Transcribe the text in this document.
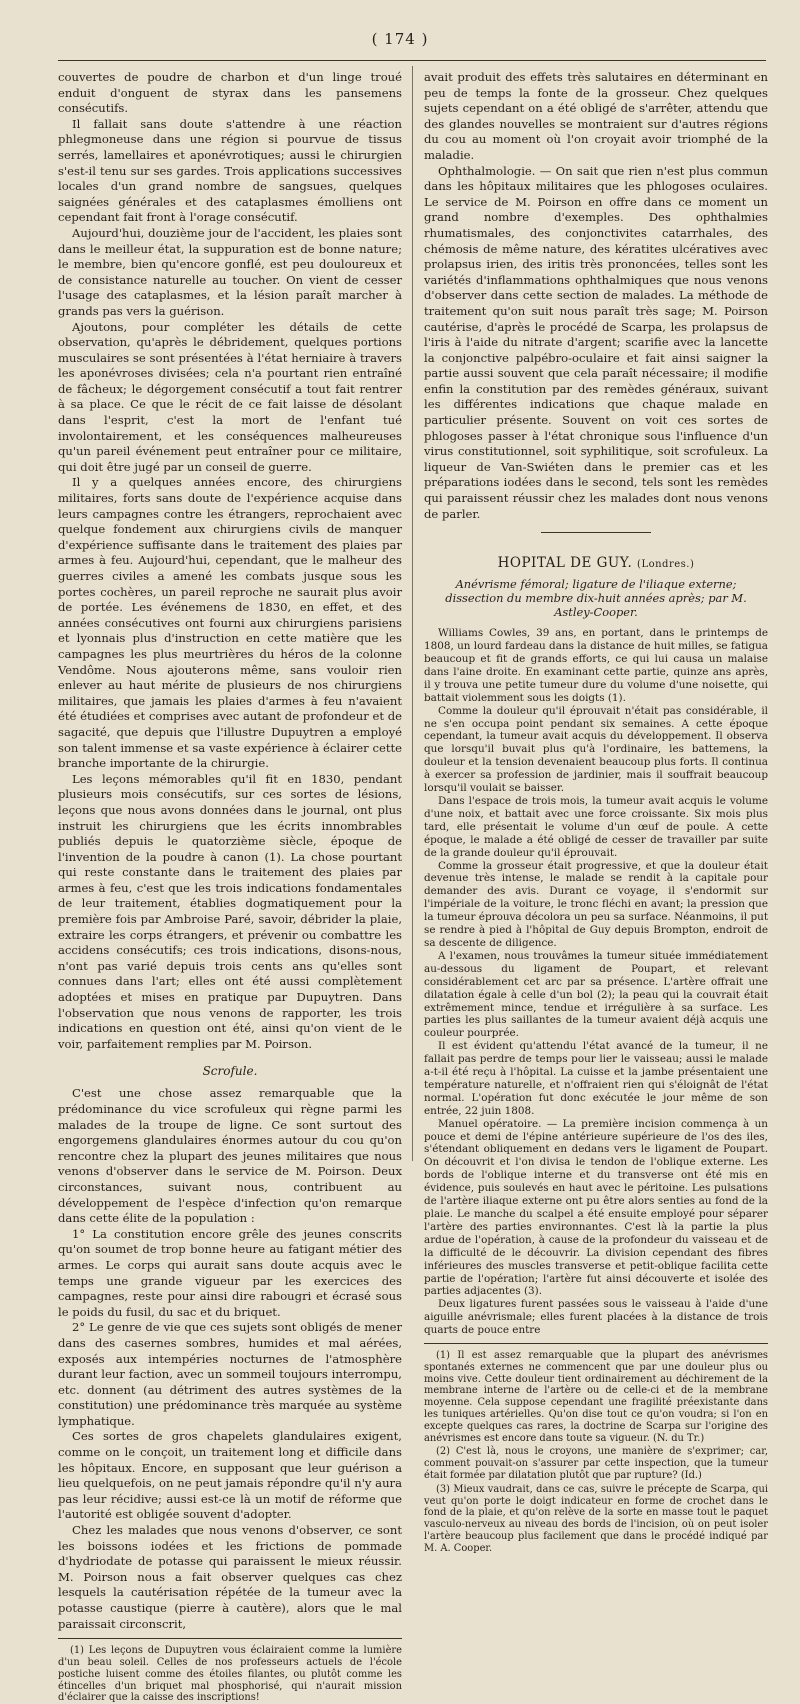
( 174 )

couvertes de poudre de charbon et d'un linge troué enduit d'onguent de styrax dans les pansemens consécutifs.

Il fallait sans doute s'attendre à une réaction phlegmoneuse dans une région si pourvue de tissus serrés, lamellaires et aponévrotiques; aussi le chirurgien s'est-il tenu sur ses gardes. Trois applications successives locales d'un grand nombre de sangsues, quelques saignées générales et des cataplasmes émolliens ont cependant fait front à l'orage consécutif.

Aujourd'hui, douzième jour de l'accident, les plaies sont dans le meilleur état, la suppuration est de bonne nature; le membre, bien qu'encore gonflé, est peu douloureux et de consistance naturelle au toucher. On vient de cesser l'usage des cataplasmes, et la lésion paraît marcher à grands pas vers la guérison.

Ajoutons, pour compléter les détails de cette observation, qu'après le débridement, quelques portions musculaires se sont présentées à l'état herniaire à travers les aponévroses divisées; cela n'a pourtant rien entraîné de fâcheux; le dégorgement consécutif a tout fait rentrer à sa place. Ce que le récit de ce fait laisse de désolant dans l'esprit, c'est la mort de l'enfant tué involontairement, et les conséquences malheureuses qu'un pareil événement peut entraîner pour ce militaire, qui doit être jugé par un conseil de guerre.

Il y a quelques années encore, des chirurgiens militaires, forts sans doute de l'expérience acquise dans leurs campagnes contre les étrangers, reprochaient avec quelque fondement aux chirurgiens civils de manquer d'expérience suffisante dans le traitement des plaies par armes à feu. Aujourd'hui, cependant, que le malheur des guerres civiles a amené les combats jusque sous les portes cochères, un pareil reproche ne saurait plus avoir de portée. Les événemens de 1830, en effet, et des années consécutives ont fourni aux chirurgiens parisiens et lyonnais plus d'instruction en cette matière que les campagnes les plus meurtrières du héros de la colonne Vendôme. Nous ajouterons même, sans vouloir rien enlever au haut mérite de plusieurs de nos chirurgiens militaires, que jamais les plaies d'armes à feu n'avaient été étudiées et comprises avec autant de profondeur et de sagacité, que depuis que l'illustre Dupuytren a employé son talent immense et sa vaste expérience à éclairer cette branche importante de la chirurgie.

Les leçons mémorables qu'il fit en 1830, pendant plusieurs mois consécutifs, sur ces sortes de lésions, leçons que nous avons données dans le journal, ont plus instruit les chirurgiens que les écrits innombrables publiés depuis le quatorzième siècle, époque de l'invention de la poudre à canon (1). La chose pourtant qui reste constante dans le traitement des plaies par armes à feu, c'est que les trois indications fondamentales de leur traitement, établies dogmatiquement pour la première fois par Ambroise Paré, savoir, débrider la plaie, extraire les corps étrangers, et prévenir ou combattre les accidens consécutifs; ces trois indications, disons-nous, n'ont pas varié depuis trois cents ans qu'elles sont connues dans l'art; elles ont été aussi complètement adoptées et mises en pratique par Dupuytren. Dans l'observation que nous venons de rapporter, les trois indications en question ont été, ainsi qu'on vient de le voir, parfaitement remplies par M. Poirson.

Scrofule.

C'est une chose assez remarquable que la prédominance du vice scrofuleux qui règne parmi les malades de la troupe de ligne. Ce sont surtout des engorgemens glandulaires énormes autour du cou qu'on rencontre chez la plupart des jeunes militaires que nous venons d'observer dans le service de M. Poirson. Deux circonstances, suivant nous, contribuent au développement de l'espèce d'infection qu'on remarque dans cette élite de la population :

1° La constitution encore grêle des jeunes conscrits qu'on soumet de trop bonne heure au fatigant métier des armes. Le corps qui aurait sans doute acquis avec le temps une grande vigueur par les exercices des campagnes, reste pour ainsi dire rabougri et écrasé sous le poids du fusil, du sac et du briquet.

2° Le genre de vie que ces sujets sont obligés de mener dans des casernes sombres, humides et mal aérées, exposés aux intempéries nocturnes de l'atmosphère durant leur faction, avec un sommeil toujours interrompu, etc. donnent (au détriment des autres systèmes de la constitution) une prédominance très marquée au système lymphatique.

Ces sortes de gros chapelets glandulaires exigent, comme on le conçoit, un traitement long et difficile dans les hôpitaux. Encore, en supposant que leur guérison a lieu quelquefois, on ne peut jamais répondre qu'il n'y aura pas leur récidive; aussi est-ce là un motif de réforme que l'autorité est obligée souvent d'adopter.

Chez les malades que nous venons d'observer, ce sont les boissons iodées et les frictions de pommade d'hydriodate de potasse qui paraissent le mieux réussir. M. Poirson nous a fait observer quelques cas chez lesquels la cautérisation répétée de la tumeur avec la potasse caustique (pierre à cautère), alors que le mal paraissait circonscrit,

(1) Les leçons de Dupuytren vous éclairaient comme la lumière d'un beau soleil. Celles de nos professeurs actuels de l'école postiche luisent comme des étoiles filantes, ou plutôt comme les étincelles d'un briquet mal phosphorisé, qui n'aurait mission d'éclairer que la caisse des inscriptions!

avait produit des effets très salutaires en déterminant en peu de temps la fonte de la grosseur. Chez quelques sujets cependant on a été obligé de s'arrêter, attendu que des glandes nouvelles se montraient sur d'autres régions du cou au moment où l'on croyait avoir triomphé de la maladie.

Ophthalmologie. — On sait que rien n'est plus commun dans les hôpitaux militaires que les phlogoses oculaires. Le service de M. Poirson en offre dans ce moment un grand nombre d'exemples. Des ophthalmies rhumatismales, des conjonctivites catarrhales, des chémosis de même nature, des kératites ulcératives avec prolapsus irien, des iritis très prononcées, telles sont les variétés d'inflammations ophthalmiques que nous venons d'observer dans cette section de malades. La méthode de traitement qu'on suit nous paraît très sage; M. Poirson cautérise, d'après le procédé de Scarpa, les prolapsus de l'iris à l'aide du nitrate d'argent; scarifie avec la lancette la conjonctive palpébro-oculaire et fait ainsi saigner la partie aussi souvent que cela paraît nécessaire; il modifie enfin la constitution par des remèdes généraux, suivant les différentes indications que chaque malade en particulier présente. Souvent on voit ces sortes de phlogoses passer à l'état chronique sous l'influence d'un virus constitutionnel, soit syphilitique, soit scrofuleux. La liqueur de Van-Swiéten dans le premier cas et les préparations iodées dans le second, tels sont les remèdes qui paraissent réussir chez les malades dont nous venons de parler.

HOPITAL DE GUY. (Londres.)
Anévrisme fémoral; ligature de l'iliaque externe; dissection du membre dix-huit années après; par M. Astley-Cooper.

Williams Cowles, 39 ans, en portant, dans le printemps de 1808, un lourd fardeau dans la distance de huit milles, se fatigua beaucoup et fit de grands efforts, ce qui lui causa un malaise dans l'aine droite. En examinant cette partie, quinze ans après, il y trouva une petite tumeur dure du volume d'une noisette, qui battait violemment sous les doigts (1).

Comme la douleur qu'il éprouvait n'était pas considérable, il ne s'en occupa point pendant six semaines. A cette époque cependant, la tumeur avait acquis du développement. Il observa que lorsqu'il buvait plus qu'à l'ordinaire, les battemens, la douleur et la tension devenaient beaucoup plus forts. Il continua à exercer sa profession de jardinier, mais il souffrait beaucoup lorsqu'il voulait se baisser.

Dans l'espace de trois mois, la tumeur avait acquis le volume d'une noix, et battait avec une force croissante. Six mois plus tard, elle présentait le volume d'un œuf de poule. A cette époque, le malade a été obligé de cesser de travailler par suite de la grande douleur qu'il éprouvait.

Comme la grosseur était progressive, et que la douleur était devenue très intense, le malade se rendit à la capitale pour demander des avis. Durant ce voyage, il s'endormit sur l'impériale de la voiture, le tronc fléchi en avant; la pression que la tumeur éprouva décolora un peu sa surface. Néanmoins, il put se rendre à pied à l'hôpital de Guy depuis Brompton, endroit de sa descente de diligence.

A l'examen, nous trouvâmes la tumeur située immédiatement au-dessous du ligament de Poupart, et relevant considérablement cet arc par sa présence. L'artère offrait une dilatation égale à celle d'un bol (2); la peau qui la couvrait était extrêmement mince, tendue et irrégulière à sa surface. Les parties les plus saillantes de la tumeur avaient déjà acquis une couleur pourprée.

Il est évident qu'attendu l'état avancé de la tumeur, il ne fallait pas perdre de temps pour lier le vaisseau; aussi le malade a-t-il été reçu à l'hôpital. La cuisse et la jambe présentaient une température naturelle, et n'offraient rien qui s'éloignât de l'état normal. L'opération fut donc exécutée le jour même de son entrée, 22 juin 1808.

Manuel opératoire. — La première incision commença à un pouce et demi de l'épine antérieure supérieure de l'os des iles, s'étendant obliquement en dedans vers le ligament de Poupart. On découvrit et l'on divisa le tendon de l'oblique externe. Les bords de l'oblique interne et du transverse ont été mis en évidence, puis soulevés en haut avec le péritoine. Les pulsations de l'artère iliaque externe ont pu être alors senties au fond de la plaie. Le manche du scalpel a été ensuite employé pour séparer l'artère des parties environnantes. C'est là la partie la plus ardue de l'opération, à cause de la profondeur du vaisseau et de la difficulté de le découvrir. La division cependant des fibres inférieures des muscles transverse et petit-oblique facilita cette partie de l'opération; l'artère fut ainsi découverte et isolée des parties adjacentes (3).

Deux ligatures furent passées sous le vaisseau à l'aide d'une aiguille anévrismale; elles furent placées à la distance de trois quarts de pouce entre

(1) Il est assez remarquable que la plupart des anévrismes spontanés externes ne commencent que par une douleur plus ou moins vive. Cette douleur tient ordinairement au déchirement de la membrane interne de l'artère ou de celle-ci et de la membrane moyenne. Cela suppose cependant une fragilité préexistante dans les tuniques artérielles. Qu'on dise tout ce qu'on voudra; si l'on en excepte quelques cas rares, la doctrine de Scarpa sur l'origine des anévrismes est encore dans toute sa vigueur. (N. du Tr.)

(2) C'est là, nous le croyons, une manière de s'exprimer; car, comment pouvait-on s'assurer par cette inspection, que la tumeur était formée par dilatation plutôt que par rupture? (Id.)

(3) Mieux vaudrait, dans ce cas, suivre le précepte de Scarpa, qui veut qu'on porte le doigt indicateur en forme de crochet dans le fond de la plaie, et qu'on relève de la sorte en masse tout le paquet vasculo-nerveux au niveau des bords de l'incision, où on peut isoler l'artère beaucoup plus facilement que dans le procédé indiqué par M. A. Cooper.
